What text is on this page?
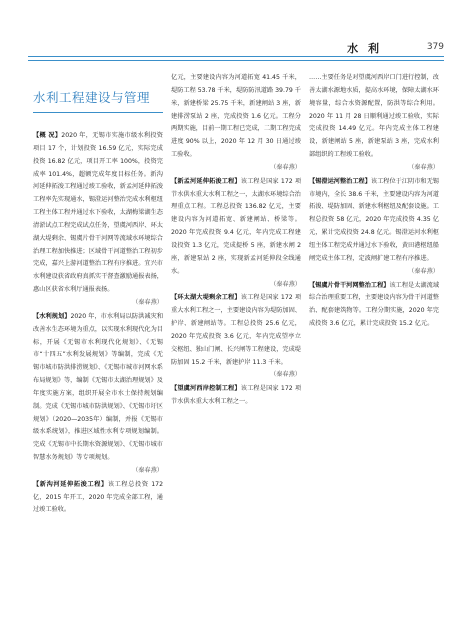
水 利	379
水利工程建设与管理

【概 况】2020 年，无锡市实施市级水利投资项目 17 个，计划投资 16.59 亿元，实际完成投资 16.82 亿元，项目开工率 100%，投资完成率 101.4%，超额完成年度目标任务。新沟河延伸拓浚工程通过竣工验收，新孟河延伸拓浚工程率先实现通水，锡澄运河整治完成水利枢纽工程主体工程并通过水下验收，太湖梅梁湖生态清淤试点工程完成试点任务，望虞河西岸、环太湖大堤剩余、锡虞片骨干河网等流域水环境综合治理工程加快推进；区域骨干河道整治工程初步完成，嘉兴上游河道整治工程有序推进。宜兴市水利建设获省政府真抓实干督查激励通报表扬，惠山区获省水利厅通报表扬。

（秦春燕）

【水利规划】2020 年，市水利局以防洪减灾和改善水生态环境为重点，以实现水利现代化为目标，开展《无锡市水利现代化规划》、《无锡市“十四五”水利发展规划》等编制，完成《无锡市城市防洪排涝规划》、《无锡市城市河网水系布局规划》等，编制《无锡市太湖治理规划》及年度实施方案，组织开展全市水土保持规划编制。完成《无锡市城市防洪规划》、《无锡市圩区规划》（2020—2035年）编制，并报《无锡市级水系统划》，推进区域性水利专项规划编制。完成《无锡市中长期水资源规划》、《无锡市城市智慧水务规划》等专项规划。

（秦春燕）

【新沟河延伸拓浚工程】该工程总投资 172 亿，2015 年开工，2020 年完成全部工程，通过竣工验收。

亿元，主要建设内容为河道拓宽 41.45 千米，堤防工程 53.78 千米，堤防防汛道路 39.79 千米，新建桥梁 25.75 千米，新建闸站 3 座，新建排涝泵站 2 座，完成投资 1.6 亿元。工程分两期实施，目前一期工程已完成，二期工程完成进度 90% 以上，2020 年 12 月 30 日通过竣工验收。

（秦春燕）

【新孟河延伸拓浚工程】该工程是国家 172 项节水供水重大水利工程之一，太湖水环境综合治理重点工程。工程总投资 136.82 亿元，主要建设内容为河道拓宽、新建闸站、桥梁等。2020 年完成投资 9.4 亿元，年内完成工程建设投资 1.3 亿元，完成提桥 5 座，新建水闸 2 座，新建泵站 2 座，实现新孟河延伸段全线通水。

（秦春燕）

【环太湖大堤剩余工程】该工程是国家 172 项重大水利工程之一，主要建设内容为堤防加固、护岸、新建闸站等。工程总投资 25.6 亿元，2020 年完成投资 3.6 亿元，年内完成望亭立交枢纽、独山门闸、长兴闸等工程建设，完成堤防加固 15.2 千米，新建护岸 11.3 千米。

（秦春燕）

【望虞河西岸控制工程】该工程是国家 172 项节水供水重大水利工程之一。

……主要任务是对望虞河西岸口门进行控制，改善太湖水源地水质，提高水环境，保障太湖水环境容量，综合水资源配置，防洪等综合利用。2020 年 11 月 28 日顺利通过竣工验收，实际完成投资 14.49 亿元。年内完成主体工程建设，新建闸站 5 座，新建泵站 3 座，完成水利部组织的工程竣工验收。

（秦春燕）

【锡澄运河整治工程】该工程位于江阴市和无锡市境内，全长 38.6 千米，主要建设内容为河道拓浚、堤防加固、新建水利枢纽及配套设施。工程总投资 58 亿元，2020 年完成投资 4.35 亿元，累计完成投资 24.8 亿元。锡澄运河水利枢纽主体工程完成并通过水下验收，黄田港枢纽船闸完成主体工程，定波闸扩建工程有序推进。

（秦春燕）

【锡虞片骨干河网整治工程】该工程是太湖流域综合治理重要工程，主要建设内容为骨干河道整治、配套建筑物等。工程分期实施，2020 年完成投资 3.6 亿元，累计完成投资 15.2 亿元。
